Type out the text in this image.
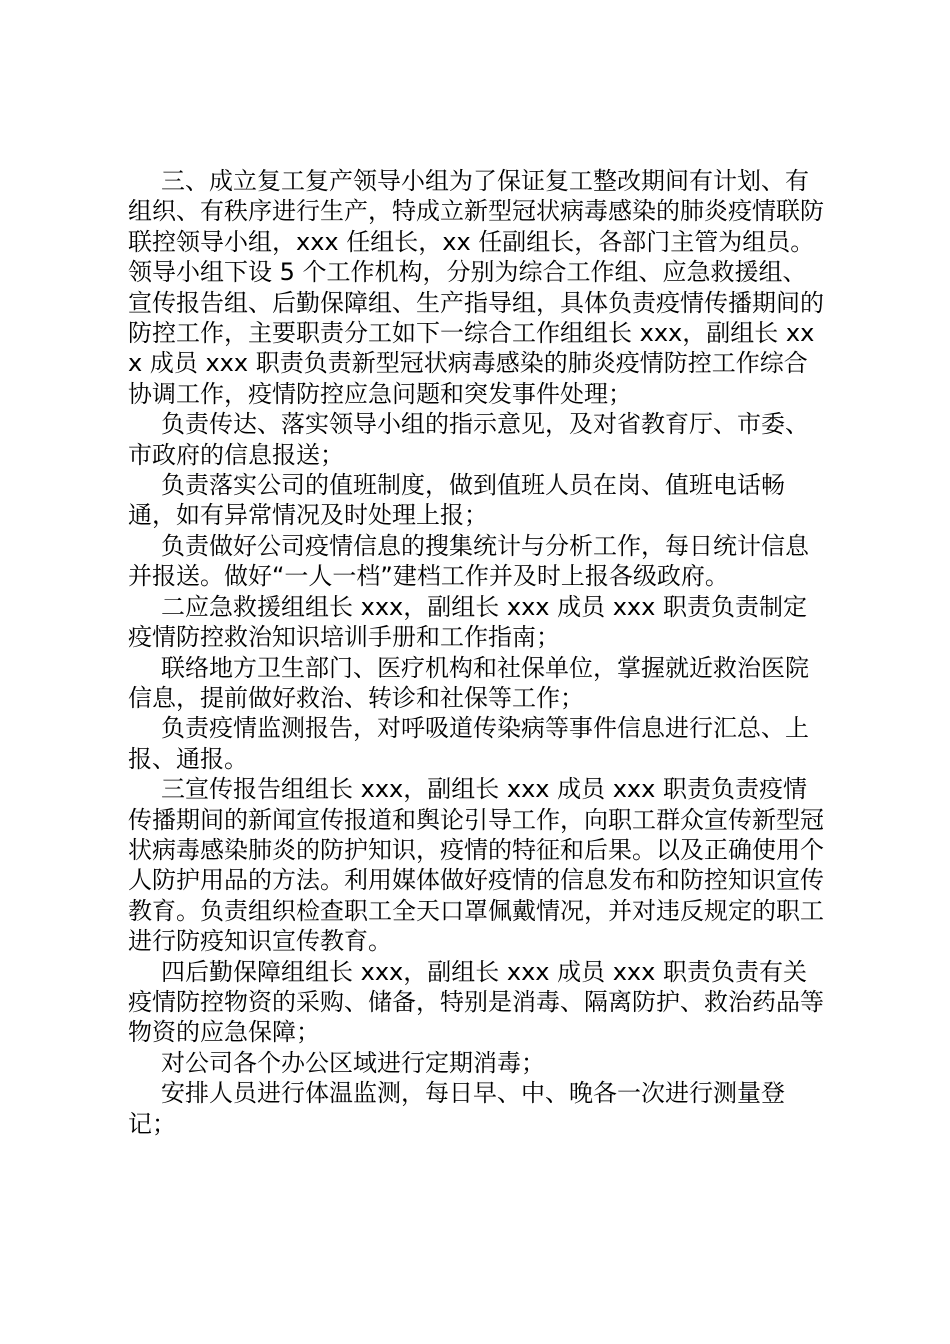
三、成立复工复产领导小组为了保证复工整改期间有计划、有组织、有秩序进行生产，特成立新型冠状病毒感染的肺炎疫情联防联控领导小组，xxx 任组长，xx 任副组长，各部门主管为组员。领导小组下设 5 个工作机构，分别为综合工作组、应急救援组、宣传报告组、后勤保障组、生产指导组，具体负责疫情传播期间的防控工作，主要职责分工如下一综合工作组组长 xxx，副组长 xxx 成员 xxx 职责负责新型冠状病毒感染的肺炎疫情防控工作综合协调工作，疫情防控应急问题和突发事件处理；

负责传达、落实领导小组的指示意见，及对省教育厅、市委、市政府的信息报送；

负责落实公司的值班制度，做到值班人员在岗、值班电话畅通，如有异常情况及时处理上报；

负责做好公司疫情信息的搜集统计与分析工作，每日统计信息并报送。做好“一人一档”建档工作并及时上报各级政府。

二应急救援组组长 xxx，副组长 xxx 成员 xxx 职责负责制定疫情防控救治知识培训手册和工作指南；

联络地方卫生部门、医疗机构和社保单位，掌握就近救治医院信息，提前做好救治、转诊和社保等工作；

负责疫情监测报告，对呼吸道传染病等事件信息进行汇总、上报、通报。

三宣传报告组组长 xxx，副组长 xxx 成员 xxx 职责负责疫情传播期间的新闻宣传报道和舆论引导工作，向职工群众宣传新型冠状病毒感染肺炎的防护知识，疫情的特征和后果。以及正确使用个人防护用品的方法。利用媒体做好疫情的信息发布和防控知识宣传教育。负责组织检查职工全天口罩佩戴情况，并对违反规定的职工进行防疫知识宣传教育。

四后勤保障组组长 xxx，副组长 xxx 成员 xxx 职责负责有关疫情防控物资的采购、储备，特别是消毒、隔离防护、救治药品等物资的应急保障；

对公司各个办公区域进行定期消毒；

安排人员进行体温监测，每日早、中、晚各一次进行测量登记；
